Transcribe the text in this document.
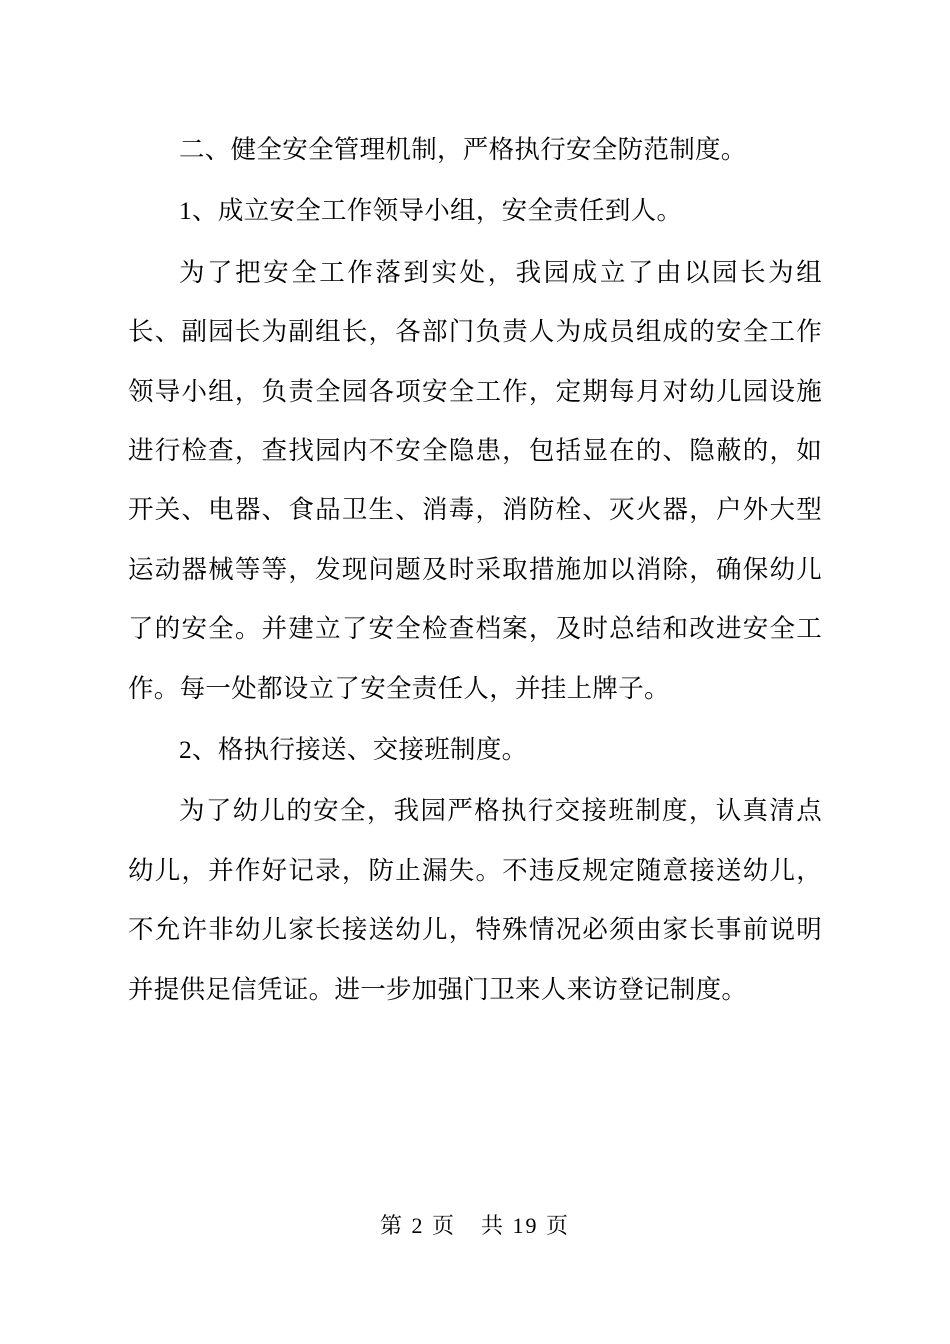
二、健全安全管理机制，严格执行安全防范制度。

1、成立安全工作领导小组，安全责任到人。

为了把安全工作落到实处，我园成立了由以园长为组长、副园长为副组长，各部门负责人为成员组成的安全工作领导小组，负责全园各项安全工作，定期每月对幼儿园设施进行检查，查找园内不安全隐患，包括显在的、隐蔽的，如开关、电器、食品卫生、消毒，消防栓、灭火器，户外大型运动器械等等，发现问题及时采取措施加以消除，确保幼儿了的安全。并建立了安全检查档案，及时总结和改进安全工作。每一处都设立了安全责任人，并挂上牌子。

2、格执行接送、交接班制度。

为了幼儿的安全，我园严格执行交接班制度，认真清点幼儿，并作好记录，防止漏失。不违反规定随意接送幼儿，不允许非幼儿家长接送幼儿，特殊情况必须由家长事前说明并提供足信凭证。进一步加强门卫来人来访登记制度。

第 2 页 共 19 页
